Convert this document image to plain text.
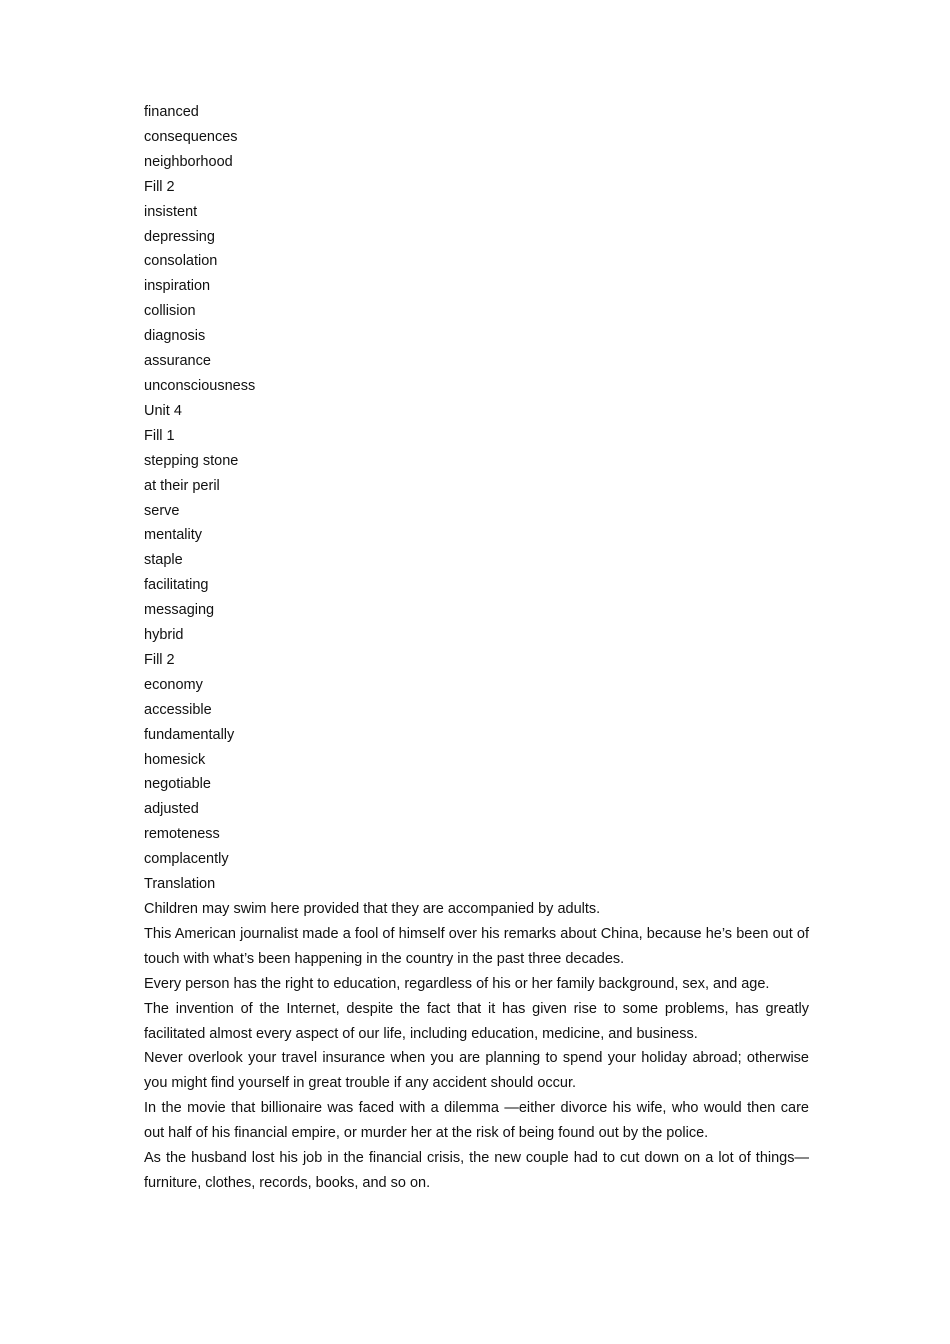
financed
consequences
neighborhood
Fill 2
insistent
depressing
consolation
inspiration
collision
diagnosis
assurance
unconsciousness
Unit 4
Fill 1
stepping stone
at their peril
serve
mentality
staple
facilitating
messaging
hybrid
Fill 2
economy
accessible
fundamentally
homesick
negotiable
adjusted
remoteness
complacently
Translation
Children may swim here provided that they are accompanied by adults.
This American journalist made a fool of himself over his remarks about China, because he’s been out of touch with what’s been happening in the country in the past three decades.
Every person has the right to education, regardless of his or her family background, sex, and age.
The invention of the Internet, despite the fact that it has given rise to some problems, has greatly facilitated almost every aspect of our life, including education, medicine, and business.
Never overlook your travel insurance when you are planning to spend your holiday abroad; otherwise you might find yourself in great trouble if any accident should occur.
In the movie that billionaire was faced with a dilemma —either divorce his wife, who would then care out half of his financial empire, or murder her at the risk of being found out by the police.
As the husband lost his job in the financial crisis, the new couple had to cut down on a lot of things—furniture, clothes, records, books, and so on.
